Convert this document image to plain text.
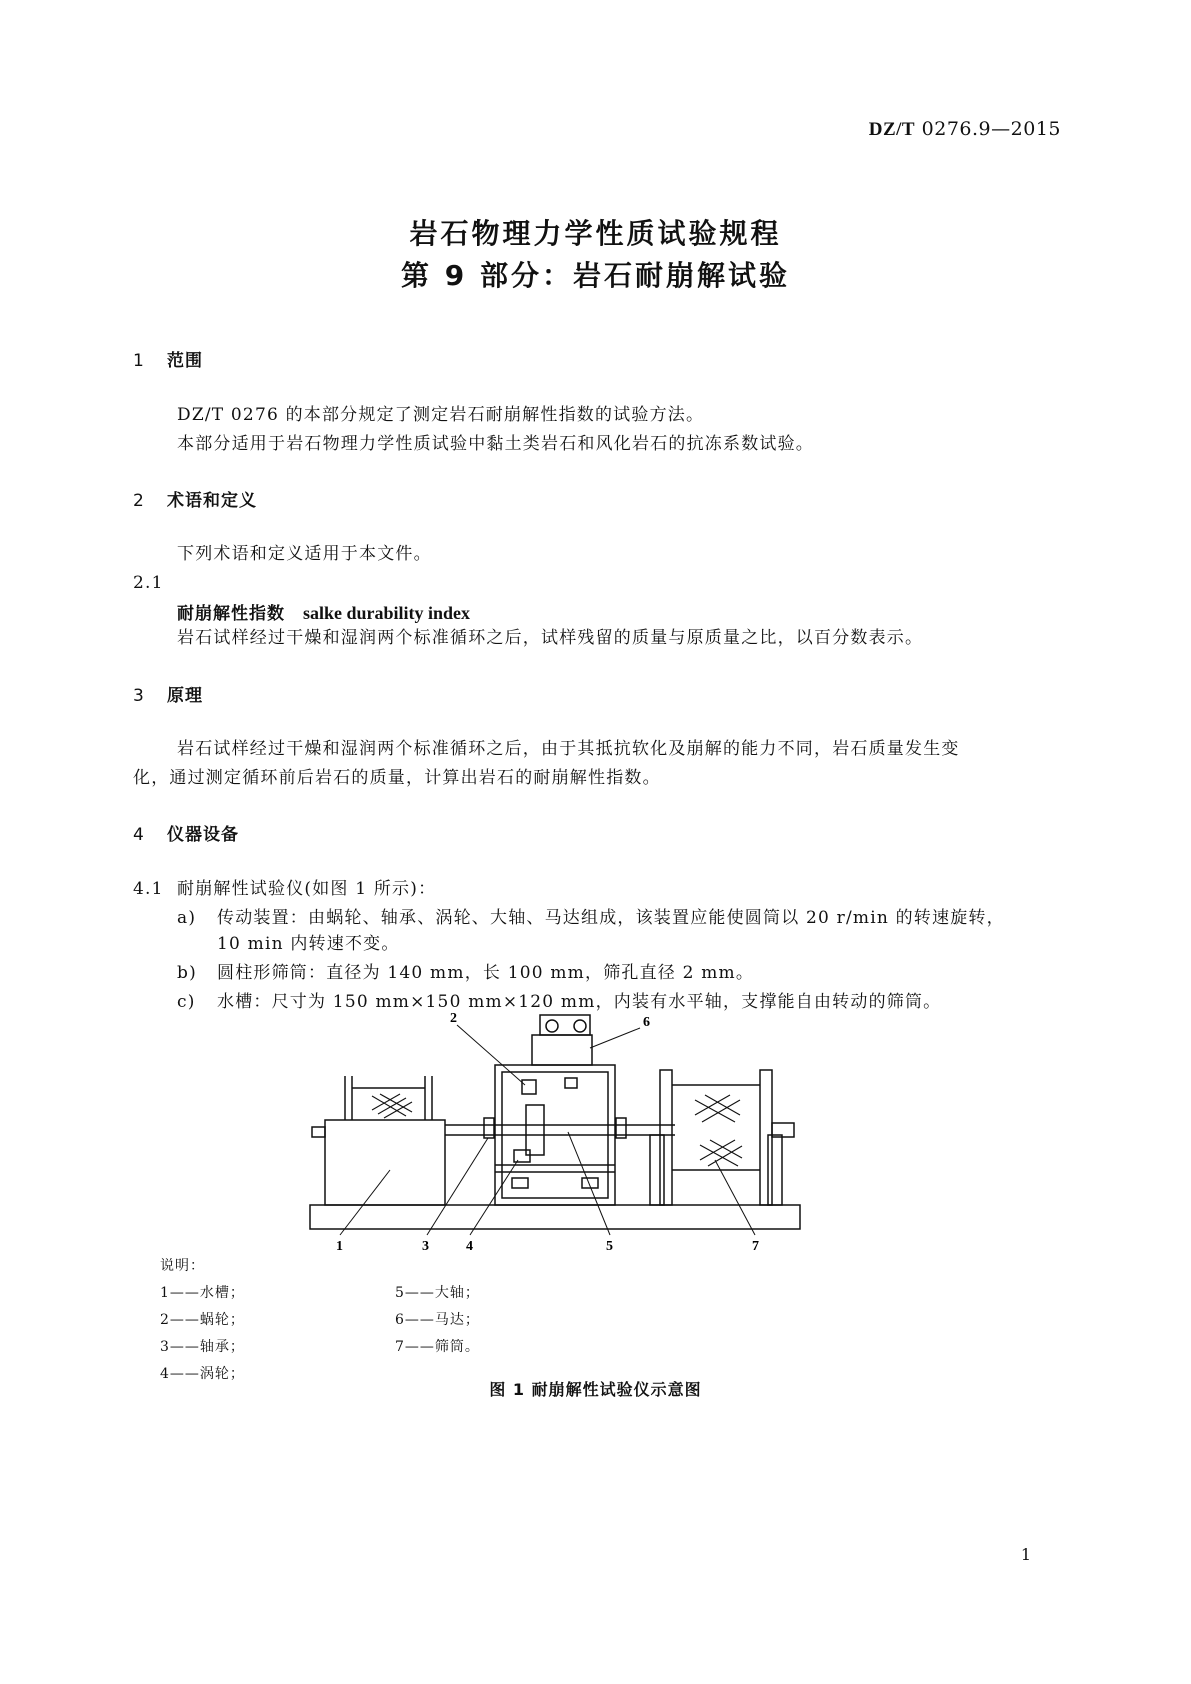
DZ/T 0276.9—2015
岩石物理力学性质试验规程
第 9 部分：岩石耐崩解试验
1 范围
DZ/T 0276 的本部分规定了测定岩石耐崩解性指数的试验方法。
本部分适用于岩石物理力学性质试验中黏土类岩石和风化岩石的抗冻系数试验。
2 术语和定义
下列术语和定义适用于本文件。
2.1
耐崩解性指数 salke durability index
岩石试样经过干燥和湿润两个标准循环之后，试样残留的质量与原质量之比，以百分数表示。
3 原理
岩石试样经过干燥和湿润两个标准循环之后，由于其抵抗软化及崩解的能力不同，岩石质量发生变
化，通过测定循环前后岩石的质量，计算出岩石的耐崩解性指数。
4 仪器设备
4.1 耐崩解性试验仪(如图 1 所示)：
a) 传动装置：由蜗轮、轴承、涡轮、大轴、马达组成，该装置应能使圆筒以 20 r/min 的转速旋转，
10 min 内转速不变。
b) 圆柱形筛筒：直径为 140 mm，长 100 mm，筛孔直径 2 mm。
c) 水槽：尺寸为 150 mm×150 mm×120 mm，内装有水平轴，支撑能自由转动的筛筒。
2	6
1	3	4	5	7
说明：
1——水槽；
2——蜗轮；
3——轴承；
4——涡轮；
5——大轴；
6——马达；
7——筛筒。
图 1 耐崩解性试验仪示意图
1
